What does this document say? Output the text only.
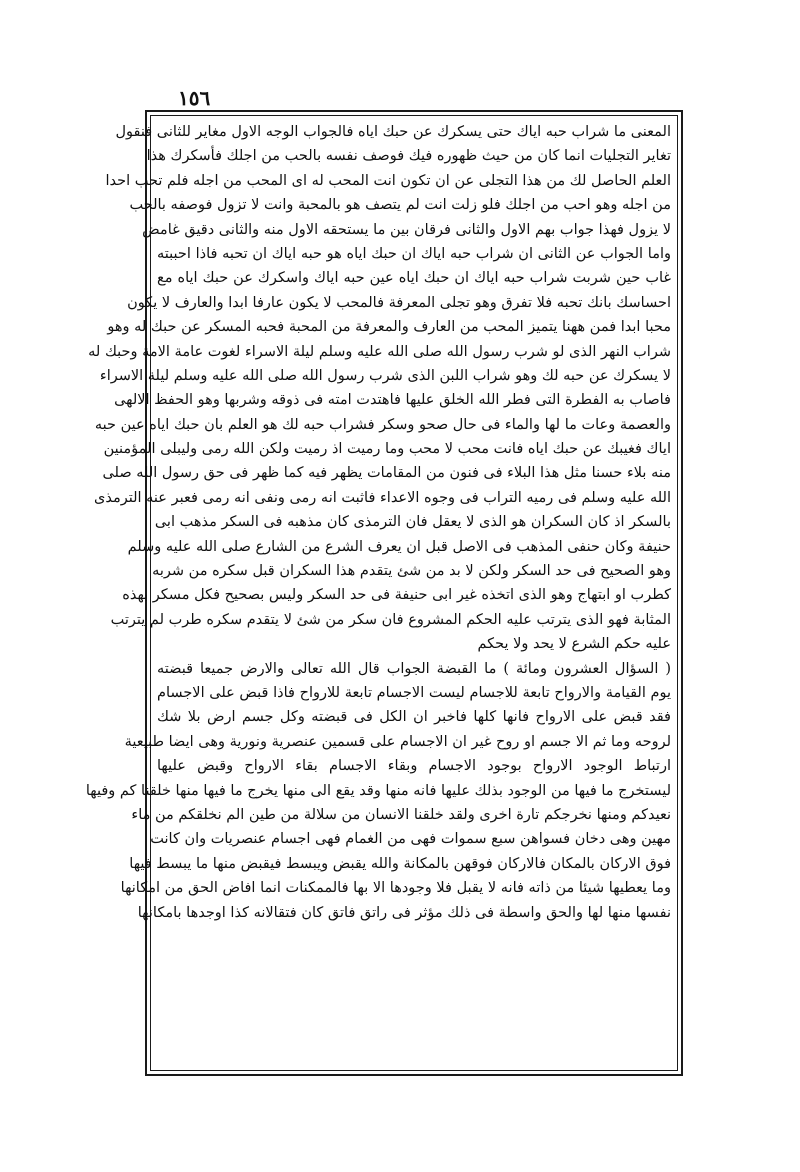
١٥٦
المعنى ما شراب حبه اياك حتى يسكرك عن حبك اياه فالجواب الوجه الاول مغاير للثانى فنقول
تغاير التجليات انما كان من حيث ظهوره فيك فوصف نفسه بالحب من اجلك فأسكرك هذا
العلم الحاصل لك من هذا التجلى عن ان تكون انت المحب له اى المحب من اجله فلم تحب احدا
من اجله وهو احب من اجلك فلو زلت انت لم يتصف هو بالمحبة وانت لا تزول فوصفه بالحب
لا يزول فهذا جواب بهم الاول والثانى فرقان بين ما يستحقه الاول منه والثانى دقيق غامض
واما الجواب عن الثانى ان شراب حبه اياك ان حبك اياه هو حبه اياك ان تحبه فاذا احببته
غاب حين شربت شراب حبه اياك ان حبك اياه عين حبه اياك واسكرك عن حبك اياه مع
احساسك بانك تحبه فلا تفرق وهو تجلى المعرفة فالمحب لا يكون عارفا ابدا والعارف لا يكون
محبا ابدا فمن ههنا يتميز المحب من العارف والمعرفة من المحبة فحبه المسكر عن حبك له وهو
شراب النهر الذى لو شرب رسول الله صلى الله عليه وسلم ليلة الاسراء لغوت عامة الامة وحبك له
لا يسكرك عن حبه لك وهو شراب اللبن الذى شرب رسول الله صلى الله عليه وسلم ليلة الاسراء
فاصاب به الفطرة التى فطر الله الخلق عليها فاهتدت امته فى ذوقه وشربها وهو الحفظ الالهى
والعصمة وعات ما لها والماء فى حال صحو وسكر فشراب حبه لك هو العلم بان حبك اياه عين حبه
اياك فغيبك عن حبك اياه فانت محب لا محب وما رميت اذ رميت ولكن الله رمى وليبلى المؤمنين
منه بلاء حسنا مثل هذا البلاء فى فنون من المقامات يظهر فيه كما ظهر فى حق رسول الله صلى
الله عليه وسلم فى رميه التراب فى وجوه الاعداء فاثبت انه رمى ونفى انه رمى فعبر عنه الترمذى
بالسكر اذ كان السكران هو الذى لا يعقل فان الترمذى كان مذهبه فى السكر مذهب ابى
حنيفة وكان حنفى المذهب فى الاصل قبل ان يعرف الشرع من الشارع صلى الله عليه وسلم
وهو الصحيح فى حد السكر ولكن لا بد من شئ يتقدم هذا السكران قبل سكره من شربه
كطرب او ابتهاج وهو الذى اتخذه غير ابى حنيفة فى حد السكر وليس بصحيح فكل مسكر بهذه
المثابة فهو الذى يترتب عليه الحكم المشروع فان سكر من شئ لا يتقدم سكره طرب لم يترتب
عليه حكم الشرع لا يحد ولا يحكم
( السؤال العشرون ومائة ) ما القبضة الجواب قال الله تعالى والارض جميعا قبضته
يوم القيامة والارواح تابعة للاجسام ليست الاجسام تابعة للارواح فاذا قبض على الاجسام
فقد قبض على الارواح فانها كلها فاخبر ان الكل فى قبضته وكل جسم ارض بلا شك
لروحه وما ثم الا جسم او روح غير ان الاجسام على قسمين عنصرية ونورية وهى ايضا طبيعية
ارتباط الوجود الارواح بوجود الاجسام وبقاء الاجسام بقاء الارواح وقبض عليها
ليستخرج ما فيها من الوجود بذلك عليها فانه منها وقد يقع الى منها يخرج ما فيها منها خلقنا كم وفيها
نعيدكم ومنها نخرجكم تارة اخرى ولقد خلقنا الانسان من سلالة من طين الم نخلقكم من ماء
مهين وهى دخان فسواهن سبع سموات فهى من الغمام فهى اجسام عنصريات وان كانت
فوق الاركان بالمكان فالاركان فوقهن بالمكانة والله يقبض ويبسط فيقبض منها ما يبسط فيها
وما يعطيها شيئا من ذاته فانه لا يقبل فلا وجودها الا بها فالممكنات انما افاض الحق من امكانها
نفسها منها لها والحق واسطة فى ذلك مؤثر فى راتق فاتق كان فتقالانه كذا اوجدها بامكانها
